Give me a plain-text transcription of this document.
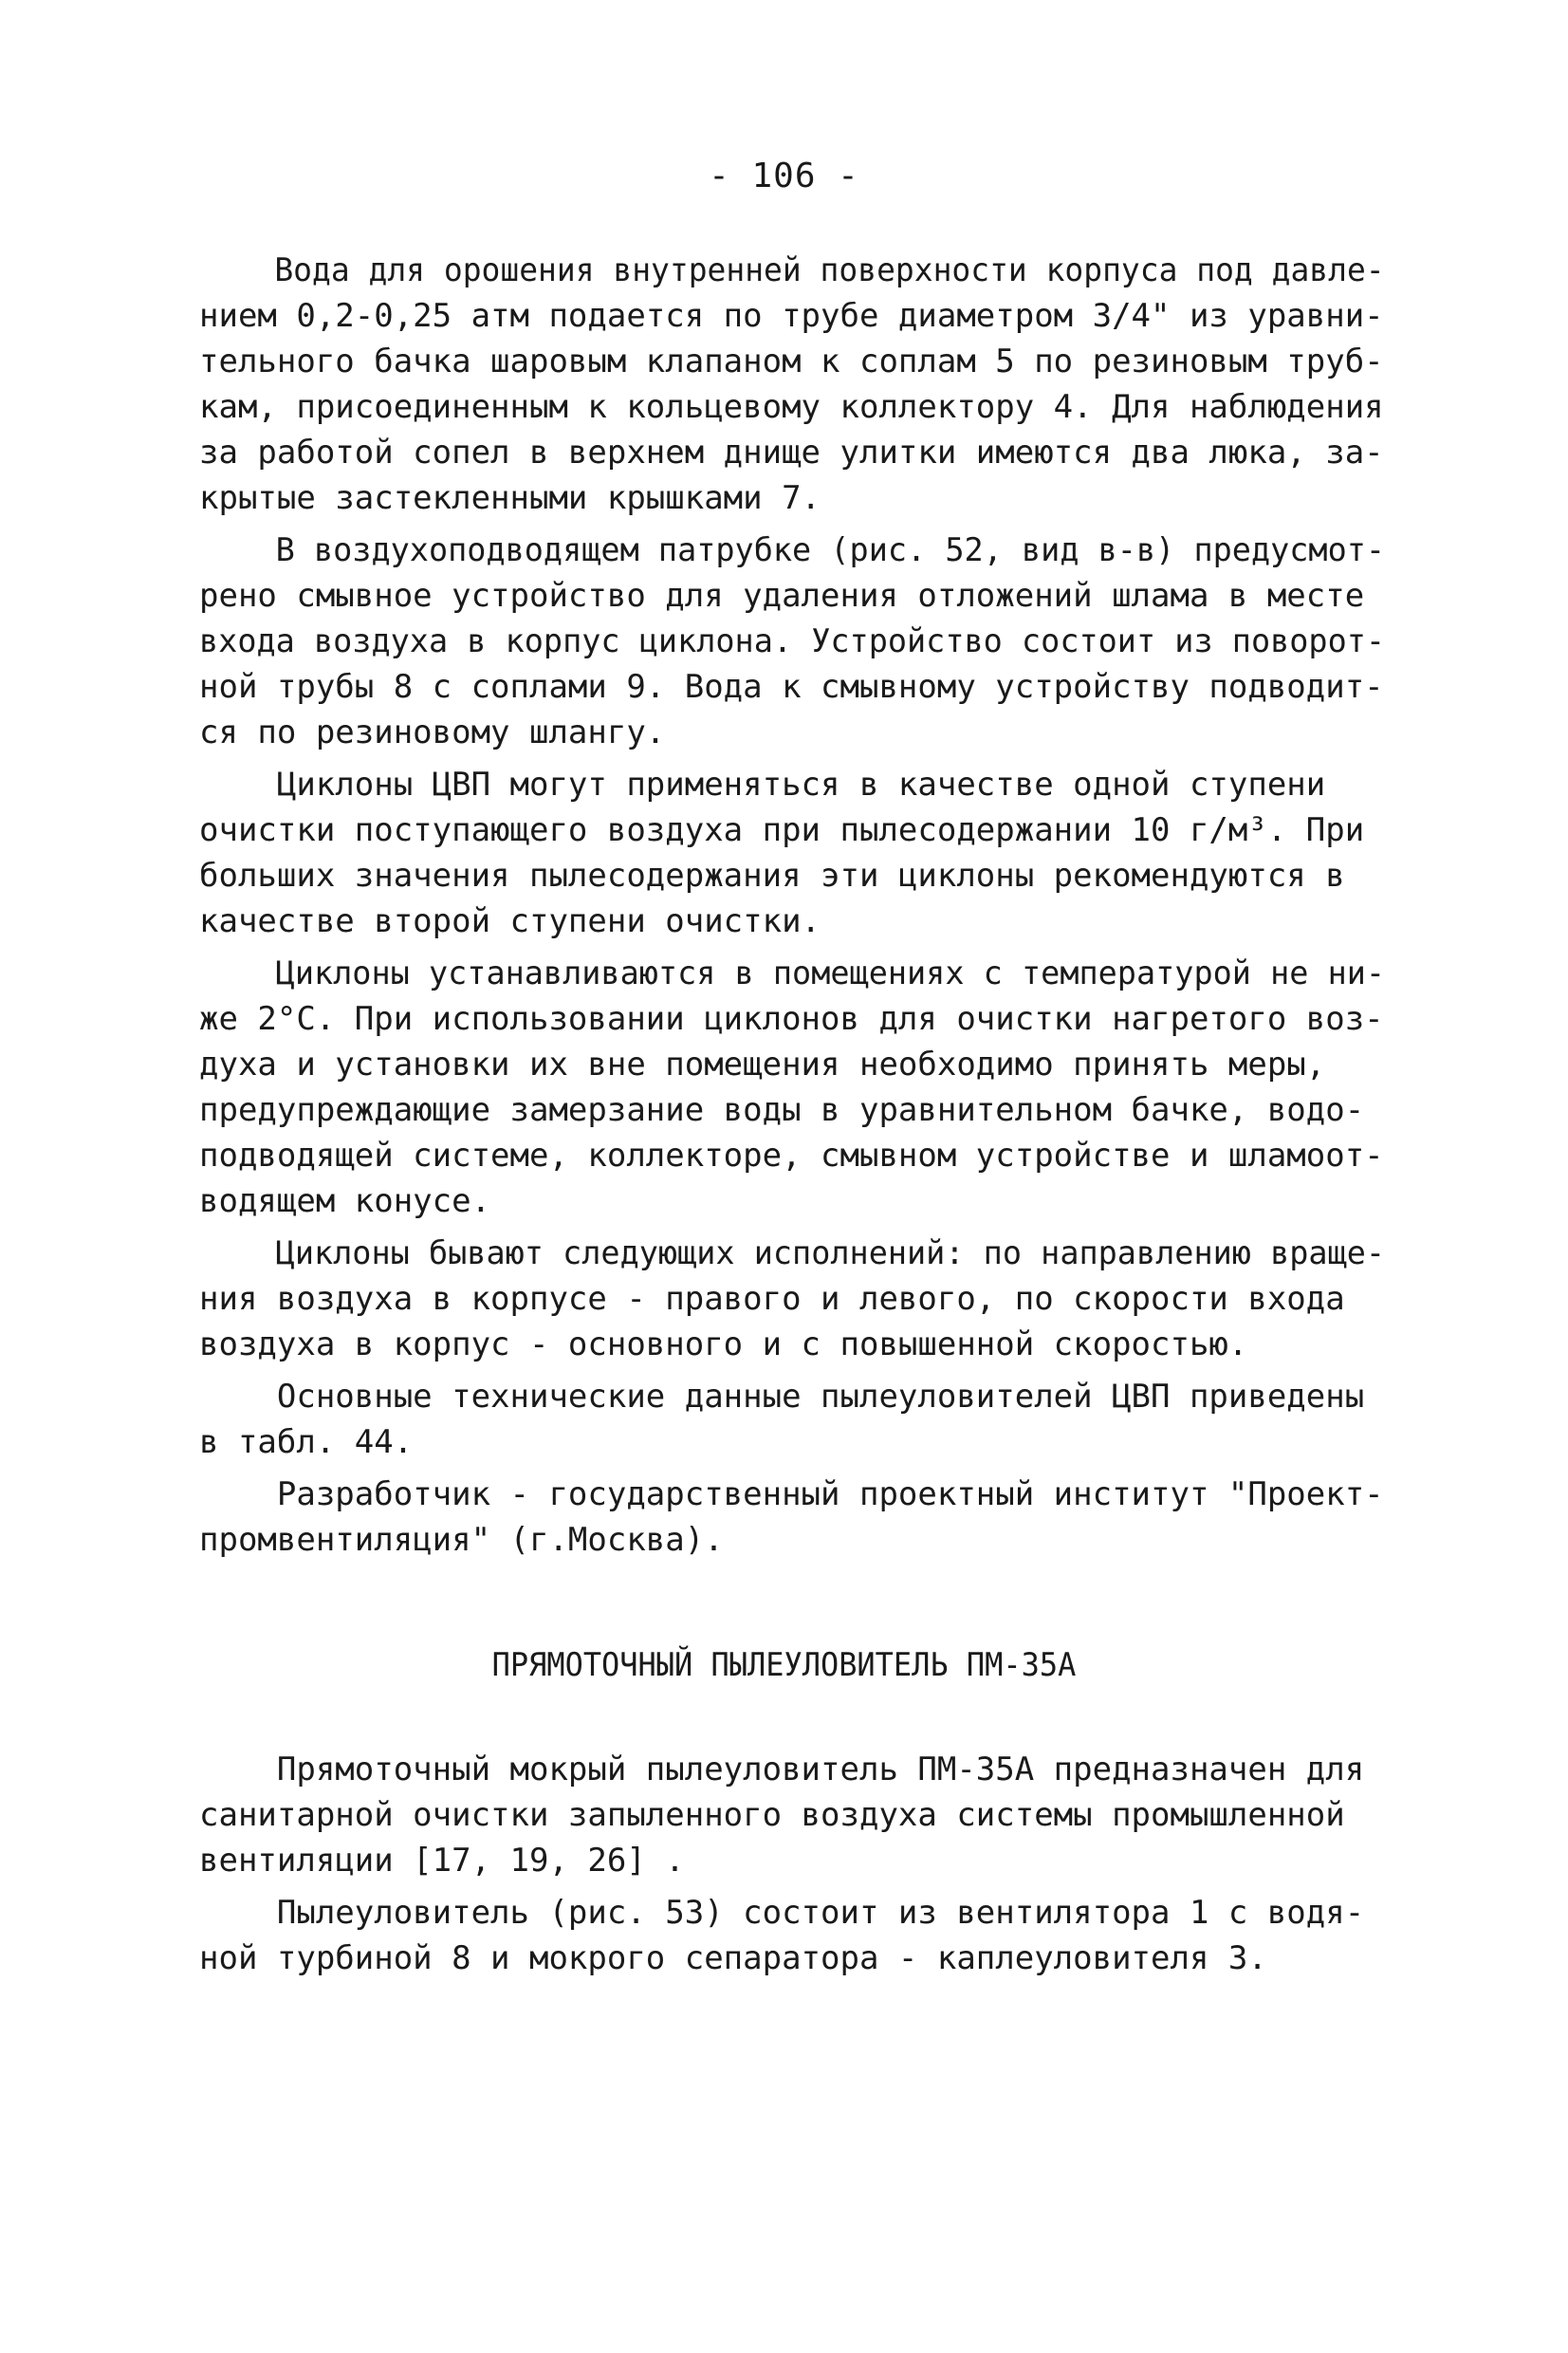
- 106 -
Вода для орошения внутренней поверхности корпуса под давле-
нием 0,2-0,25 атм подается по трубе диаметром 3/4" из уравни-
тельного бачка шаровым клапаном к соплам 5 по резиновым труб-
кам, присоединенным к кольцевому коллектору 4. Для наблюдения
за работой сопел в верхнем днище улитки имеются два люка, за-
крытые застекленными крышками 7.
В воздухоподводящем патрубке (рис. 52, вид в-в) предусмот-
рено смывное устройство для удаления отложений шлама в месте
входа воздуха в корпус циклона. Устройство состоит из поворот-
ной трубы 8 с соплами 9. Вода к смывному устройству подводит-
ся по резиновому шлангу.
Циклоны ЦВП могут применяться в качестве одной ступени
очистки поступающего воздуха при пылесодержании 10 г/м³. При
больших значения пылесодержания эти циклоны рекомендуются в
качестве второй ступени очистки.
Циклоны устанавливаются в помещениях с температурой не ни-
же 2°С. При использовании циклонов для очистки нагретого воз-
духа и установки их вне помещения необходимо принять меры,
предупреждающие замерзание воды в уравнительном бачке, водо-
подводящей системе, коллекторе, смывном устройстве и шламоот-
водящем конусе.
Циклоны бывают следующих исполнений: по направлению враще-
ния воздуха в корпусе - правого и левого, по скорости входа
воздуха в корпус - основного и с повышенной скоростью.
Основные технические данные пылеуловителей ЦВП приведены
в табл. 44.
Разработчик - государственный проектный институт "Проект-
промвентиляция" (г.Москва).
ПРЯМОТОЧНЫЙ ПЫЛЕУЛОВИТЕЛЬ ПМ-35А
Прямоточный мокрый пылеуловитель ПМ-35А предназначен для
санитарной очистки запыленного воздуха системы промышленной
вентиляции [17, 19, 26] .
Пылеуловитель (рис. 53) состоит из вентилятора 1 с водя-
ной турбиной 8 и мокрого сепаратора - каплеуловителя 3.
